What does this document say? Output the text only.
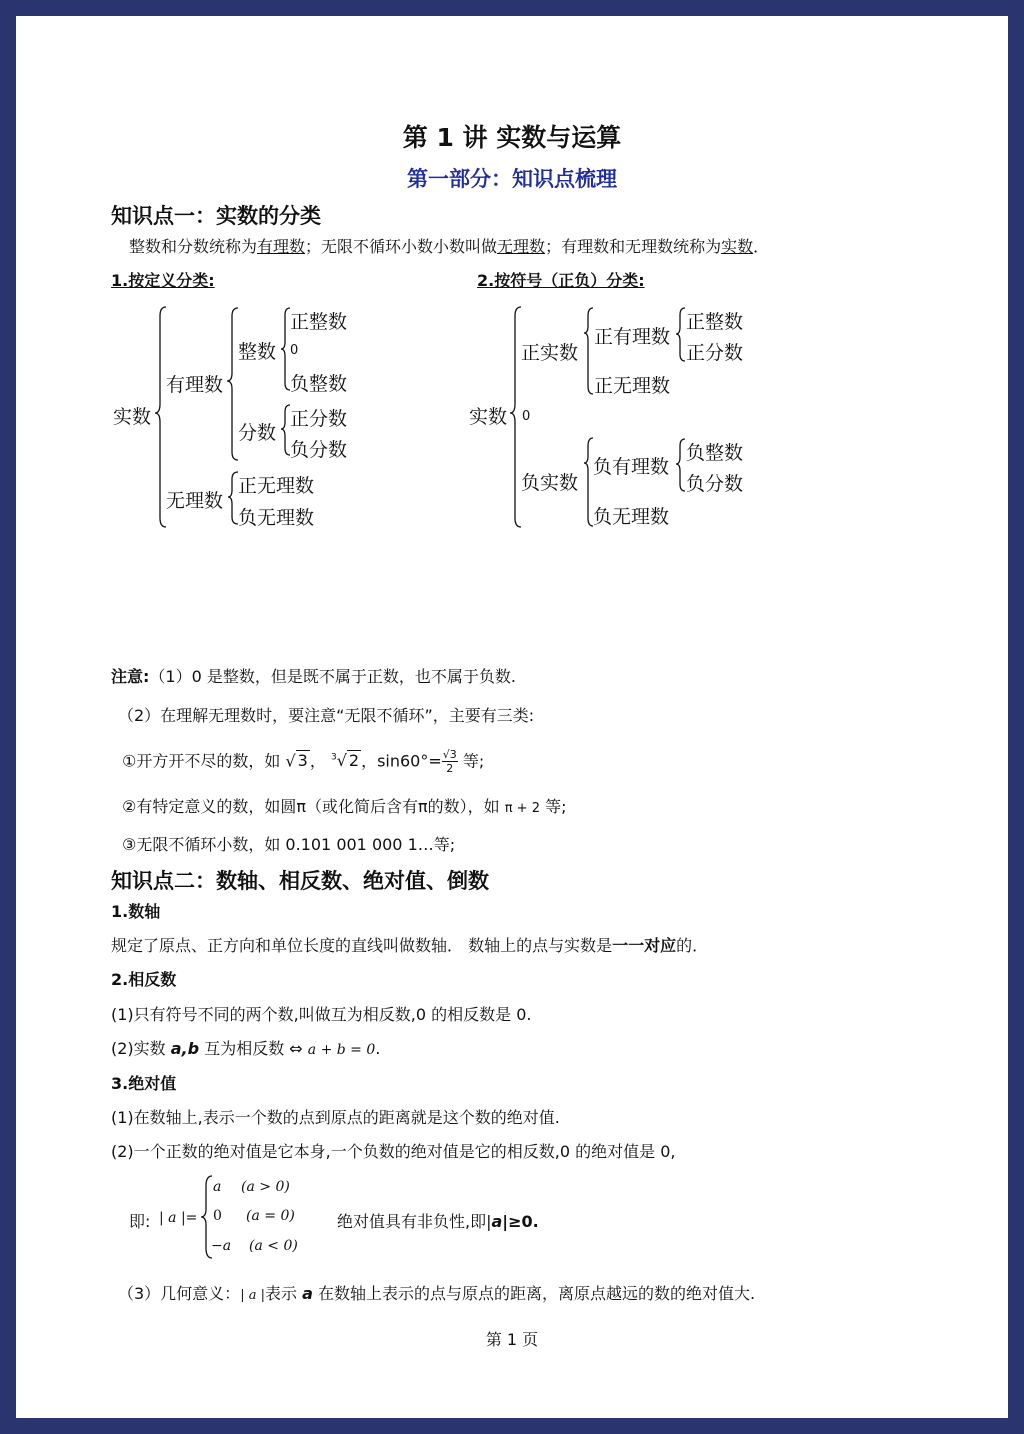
第 1 讲 实数与运算
第一部分：知识点梳理
知识点一：实数的分类
整数和分数统称为有理数；无限不循环小数小数叫做无理数；有理数和无理数统称为实数．
1.按定义分类:	2.按符号（正负）分类:
实数
有理数
整数
正整数
0
负整数
分数
正分数
负分数
无理数
正无理数
负无理数
实数
正实数
正有理数
正整数
正分数
正无理数
0
负实数
负有理数
负整数
负分数
负无理数
注意:（1）0 是整数，但是既不属于正数，也不属于负数.
（2）在理解无理数时，要注意“无限不循环”，主要有三类:
①开方开不尽的数，如 √ 3 ， $^3$√ 2 ，$\sin 60^\circ= \frac{√3}{2}$ 等;
②有特定意义的数，如圆π（或化简后含有π的数），如 π + 2 等;
③无限不循环小数，如 0.101 001 000 1…等;
知识点二：数轴、相反数、绝对值、倒数
1.数轴
规定了原点、正方向和单位长度的直线叫做数轴． 数轴上的点与实数是一一对应的．
2.相反数
(1)只有符号不同的两个数,叫做互为相反数,0 的相反数是 0.
(2)实数 a,b 互为相反数 ⇔ a + b = 0.
3.绝对值
(1)在数轴上,表示一个数的点到原点的距离就是这个数的绝对值.
(2)一个正数的绝对值是它本身,一个负数的绝对值是它的相反数,0 的绝对值是 0,
即: | a |=
a (a > 0)
0 (a = 0)
−a (a < 0)
绝对值具有非负性,即|a|≥0.
（3）几何意义：| a |表示 a 在数轴上表示的点与原点的距离，离原点越远的数的绝对值大.
第 1 页
